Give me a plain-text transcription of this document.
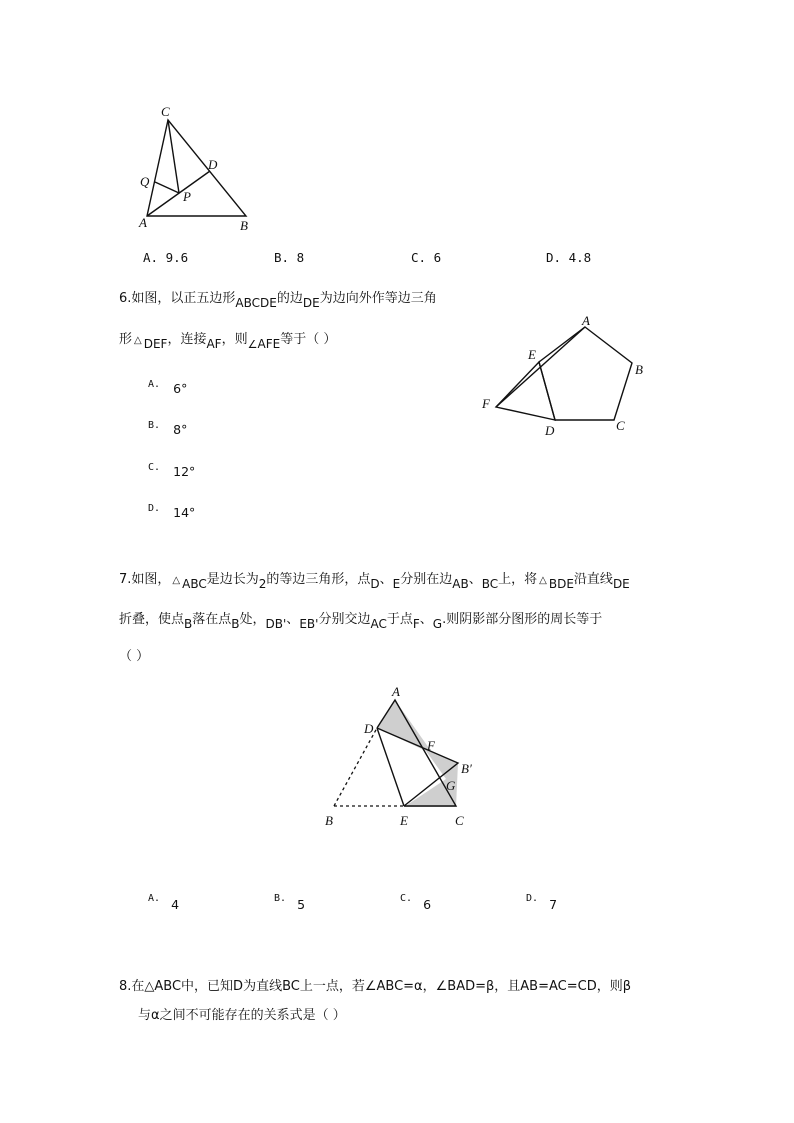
C
D
Q
P
A	B
A. 9.6	B. 8	C. 6	D. 4.8
6.如图，以正五边形ABCDE的边DE为边向外作等边三角
形 △ DEF，连接AF，则$_\angle$AFE等于（ ）
A. $_{6^\circ}$
B. $_{8^\circ}$
C. $_{12^\circ}$
D. $_{14^\circ}$
A
B
C
D
E
F
7.如图， △ ABC是边长为2的等边三角形，点D、E分别在边AB、BC上，将 △ BDE沿直线DE
折叠，使点B落在点B处，DB'、EB'分别交边AC于点F、G.则阴影部分图形的周长等于
（ ）
A
D
F
B′
G
B	E	C
A. $_4$	B. $_5$	C. $_6$	D. $_7$
8.在△ABC中，已知D为直线BC上一点，若∠ABC=α，∠BAD=β，且AB=AC=CD，则β
与α之间不可能存在的关系式是（ ）
